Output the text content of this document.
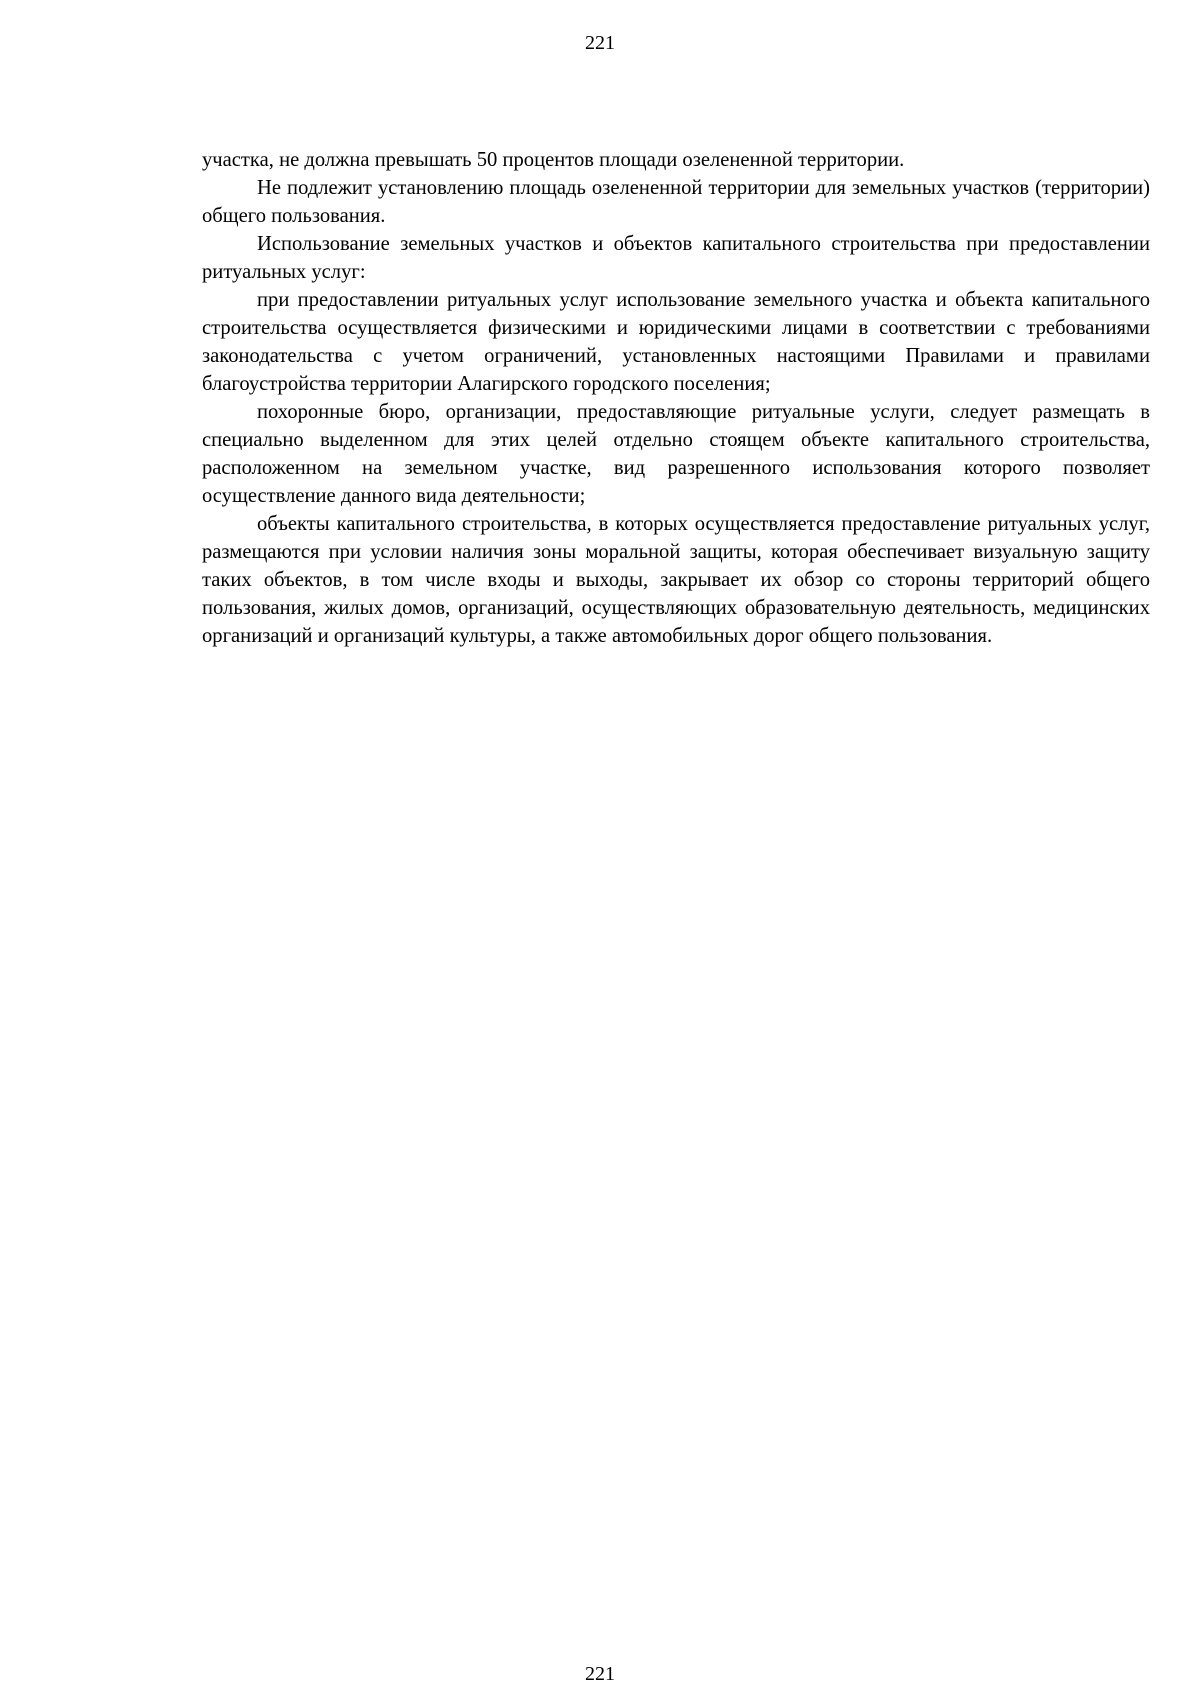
221

участка, не должна превышать 50 процентов площади озелененной территории.

Не подлежит установлению площадь озелененной территории для земельных участков (территории) общего пользования.

Использование земельных участков и объектов капитального строительства при предоставлении ритуальных услуг:

при предоставлении ритуальных услуг использование земельного участка и объекта капитального строительства осуществляется физическими и юридическими лицами в соответствии с требованиями законодательства с учетом ограничений, установленных настоящими Правилами и правилами благоустройства территории Алагирского городского поселения;

похоронные бюро, организации, предоставляющие ритуальные услуги, следует размещать в специально выделенном для этих целей отдельно стоящем объекте капитального строительства, расположенном на земельном участке, вид разрешенного использования которого позволяет осуществление данного вида деятельности;

объекты капитального строительства, в которых осуществляется предоставление ритуальных услуг, размещаются при условии наличия зоны моральной защиты, которая обеспечивает визуальную защиту таких объектов, в том числе входы и выходы, закрывает их обзор со стороны территорий общего пользования, жилых домов, организаций, осуществляющих образовательную деятельность, медицинских организаций и организаций культуры, а также автомобильных дорог общего пользования.

221
